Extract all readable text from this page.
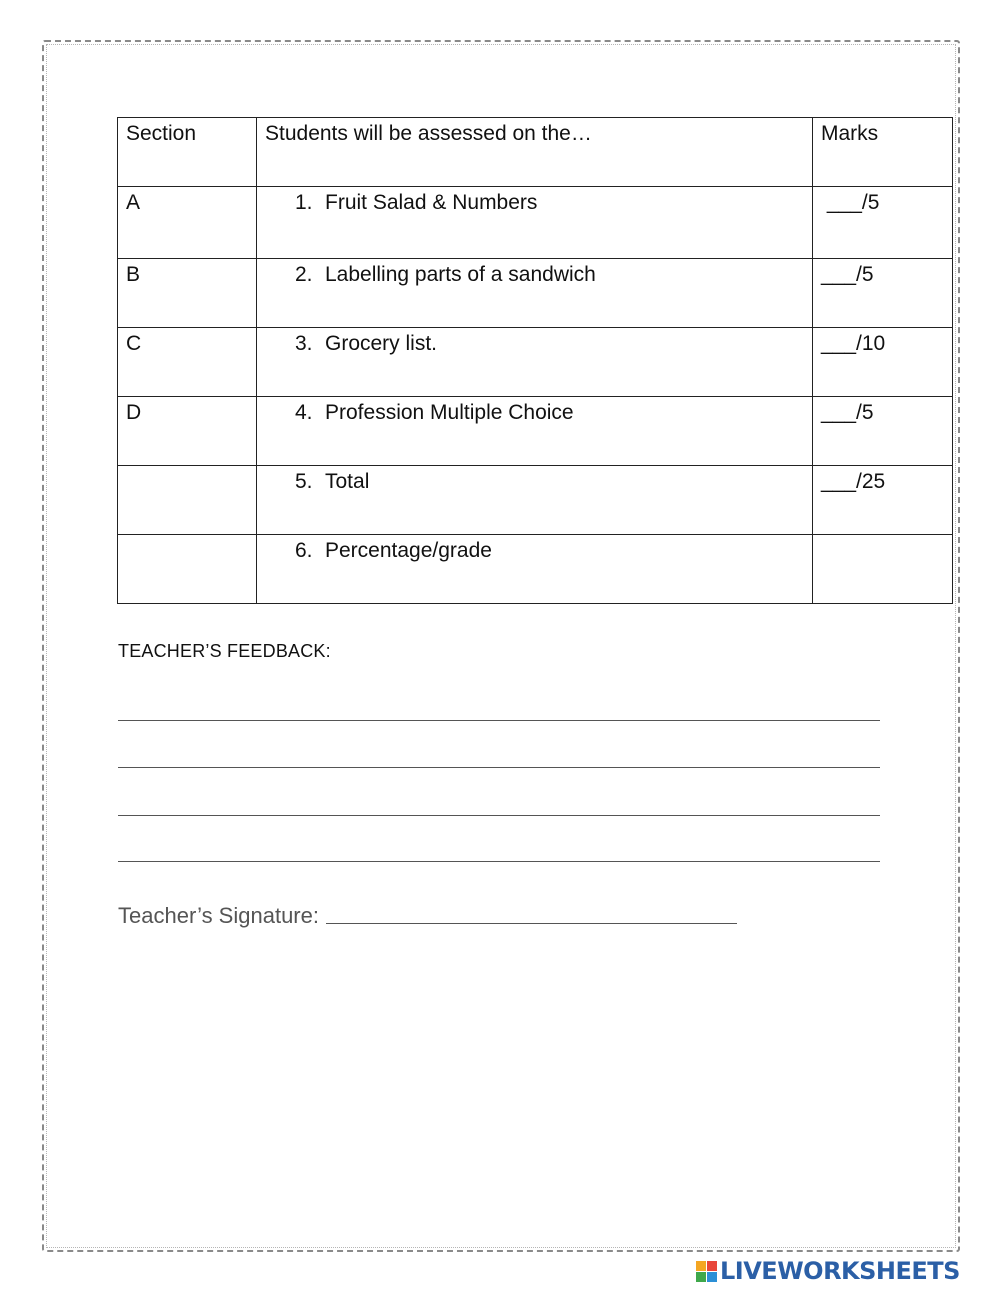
Section	Students will be assessed on the…	Marks
A	1. Fruit Salad & Numbers	___/5
B	2. Labelling parts of a sandwich	___/5
C	3. Grocery list.	___/10
D	4. Profession Multiple Choice	___/5

	5. Total	___/25

	6. Percentage/grade	

TEACHER’S FEEDBACK:
Teacher’s Signature:
LIVEWORKSHEETS
